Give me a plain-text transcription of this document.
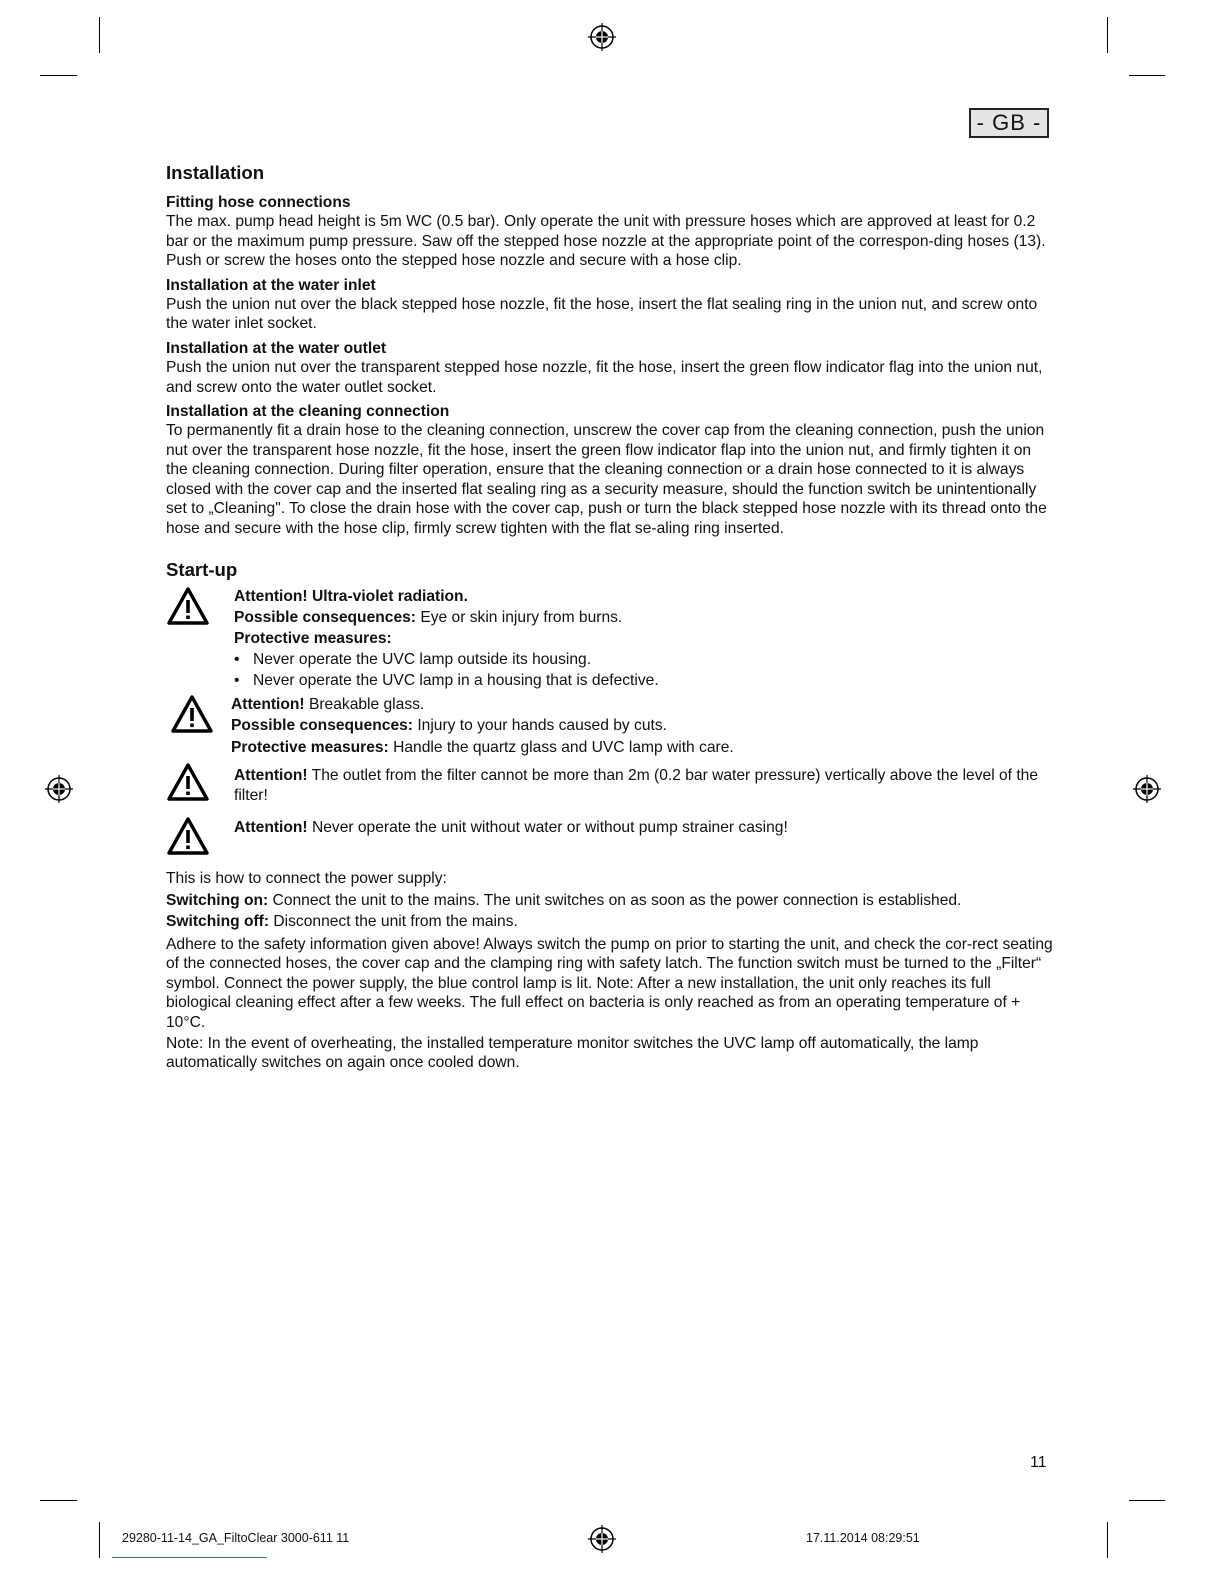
- GB -
Installation
Fitting hose connections

The max. pump head height is 5m WC (0.5 bar). Only operate the unit with pressure hoses which are approved at least for 0.2 bar or the maximum pump pressure. Saw off the stepped hose nozzle at the appropriate point of the correspon-ding hoses (13). Push or screw the hoses onto the stepped hose nozzle and secure with a hose clip.

Installation at the water inlet

Push the union nut over the black stepped hose nozzle, fit the hose, insert the flat sealing ring in the union nut, and screw onto the water inlet socket.

Installation at the water outlet

Push the union nut over the transparent stepped hose nozzle, fit the hose, insert the green flow indicator flag into the union nut, and screw onto the water outlet socket.

Installation at the cleaning connection

To permanently fit a drain hose to the cleaning connection, unscrew the cover cap from the cleaning connection, push the union nut over the transparent hose nozzle, fit the hose, insert the green flow indicator flap into the union nut, and firmly tighten it on the cleaning connection. During filter operation, ensure that the cleaning connection or a drain hose connected to it is always closed with the cover cap and the inserted flat sealing ring as a security measure, should the function switch be unintentionally set to „Cleaning". To close the drain hose with the cover cap, push or turn the black stepped hose nozzle with its thread onto the hose and secure with the hose clip, firmly screw tighten with the flat se-aling ring inserted.

Start-up

Attention! Ultra-violet radiation.

Possible consequences: Eye or skin injury from burns.

Protective measures:

• Never operate the UVC lamp outside its housing.
• Never operate the UVC lamp in a housing that is defective.

Attention! Breakable glass.

Possible consequences: Injury to your hands caused by cuts.

Protective measures: Handle the quartz glass and UVC lamp with care.

Attention! The outlet from the filter cannot be more than 2m (0.2 bar water pressure) vertically above the level of the filter!

Attention! Never operate the unit without water or without pump strainer casing!

This is how to connect the power supply:

Switching on: Connect the unit to the mains. The unit switches on as soon as the power connection is established.

Switching off: Disconnect the unit from the mains.

Adhere to the safety information given above! Always switch the pump on prior to starting the unit, and check the cor-rect seating of the connected hoses, the cover cap and the clamping ring with safety latch. The function switch must be turned to the „Filter“ symbol. Connect the power supply, the blue control lamp is lit. Note: After a new installation, the unit only reaches its full biological cleaning effect after a few weeks. The full effect on bacteria is only reached as from an operating temperature of + 10°C.

Note: In the event of overheating, the installed temperature monitor switches the UVC lamp off automatically, the lamp automatically switches on again once cooled down.

11
29280-11-14_GA_FiltoClear 3000-611 11	17.11.2014 08:29:51
